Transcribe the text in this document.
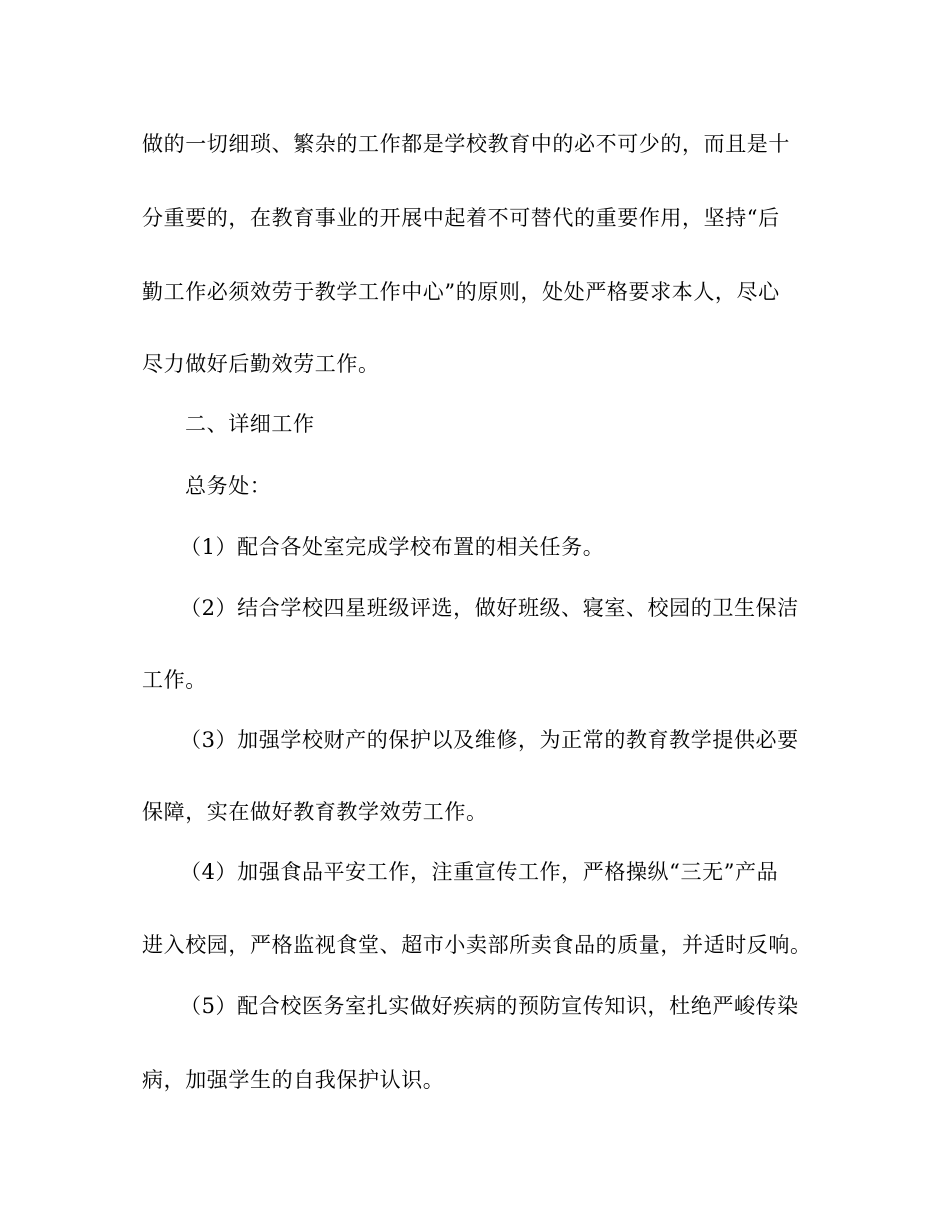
做的一切细琐、繁杂的工作都是学校教育中的必不可少的，而且是十
分重要的，在教育事业的开展中起着不可替代的重要作用，坚持“后
勤工作必须效劳于教学工作中心”的原则，处处严格要求本人，尽心
尽力做好后勤效劳工作。
二、详细工作
总务处：
（1）配合各处室完成学校布置的相关任务。
（2）结合学校四星班级评选，做好班级、寝室、校园的卫生保洁
工作。
（3）加强学校财产的保护以及维修，为正常的教育教学提供必要
保障，实在做好教育教学效劳工作。
（4）加强食品平安工作，注重宣传工作，严格操纵“三无”产品
进入校园，严格监视食堂、超市小卖部所卖食品的质量，并适时反响。
（5）配合校医务室扎实做好疾病的预防宣传知识，杜绝严峻传染
病，加强学生的自我保护认识。
